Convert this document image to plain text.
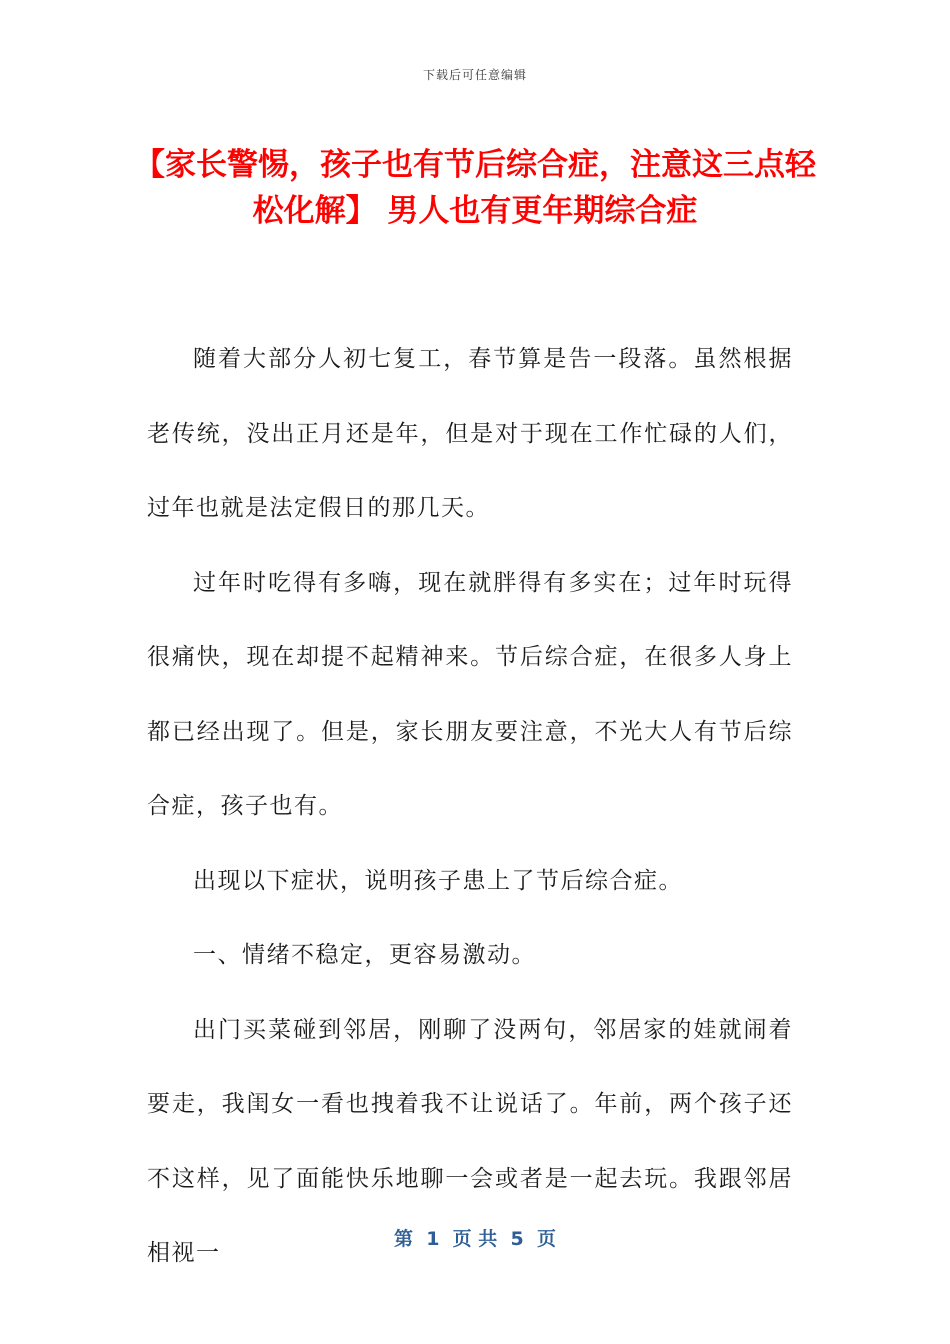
下载后可任意编辑
【家长警惕，孩子也有节后综合症，注意这三点轻松化解】 男人也有更年期综合症

随着大部分人初七复工，春节算是告一段落。虽然根据老传统，没出正月还是年，但是对于现在工作忙碌的人们，过年也就是法定假日的那几天。

过年时吃得有多嗨，现在就胖得有多实在；过年时玩得很痛快，现在却提不起精神来。节后综合症，在很多人身上都已经出现了。但是，家长朋友要注意，不光大人有节后综合症，孩子也有。

出现以下症状，说明孩子患上了节后综合症。

一、情绪不稳定，更容易激动。

出门买菜碰到邻居，刚聊了没两句，邻居家的娃就闹着要走，我闺女一看也拽着我不让说话了。年前，两个孩子还不这样，见了面能快乐地聊一会或者是一起去玩。我跟邻居相视一

第  1  页 共  5  页
